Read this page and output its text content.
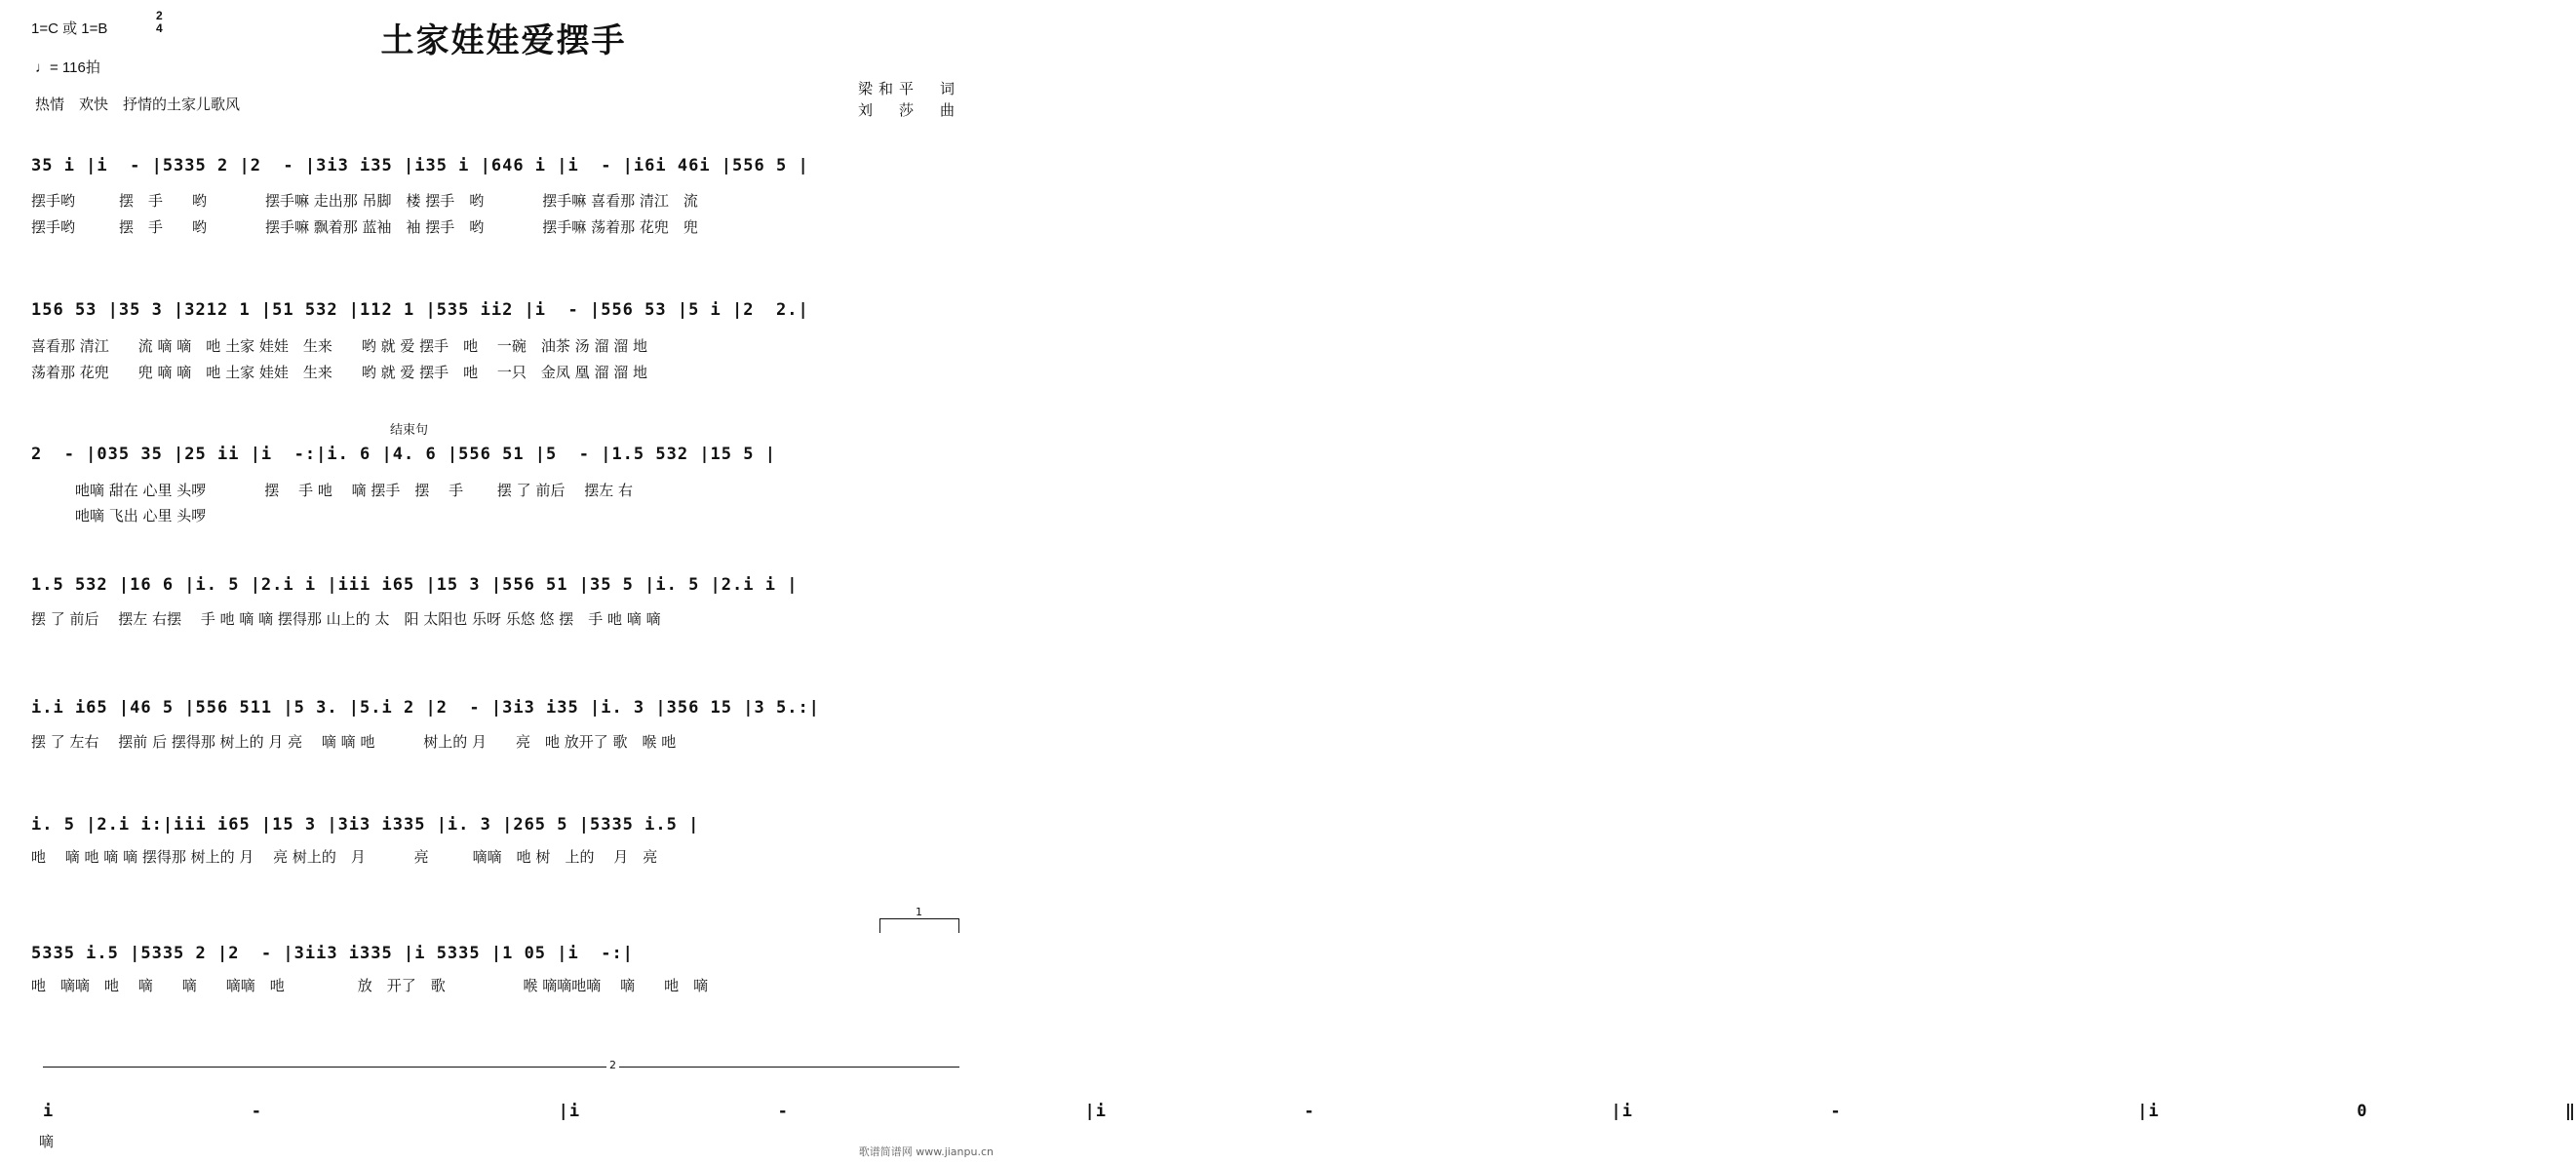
1=C 或 1=B
2
4
♩= 116拍
热情　欢快　抒情的土家儿歌风
土家娃娃爱摆手
梁和平　词
刘　莎　曲
35 i |i  - |5335 2 |2  - |3i3 i35 |i35 i |646 i |i  - |i6i 46i |556 5 |
摆手哟　　　摆　手　　哟　　　　摆手嘛 走出那 吊脚　楼 摆手　哟　　　　摆手嘛 喜看那 清江　流
摆手哟　　　摆　手　　哟　　　　摆手嘛 飘着那 蓝袖　袖 摆手　哟　　　　摆手嘛 荡着那 花兜　兜
156 53 |35 3 |3212 1 |51 532 |112 1 |535 ii2 |i  - |556 53 |5 i |2  2.|
喜看那 清江　　流 嘀 嘀　吔 土家 娃娃　生来　　哟 就 爱 摆手　吔　 一碗　油茶 汤 溜 溜 地
荡着那 花兜　　兜 嘀 嘀　吔 土家 娃娃　生来　　哟 就 爱 摆手　吔　 一只　金凤 凰 溜 溜 地
结束句
2  - |035 35 |25 ii |i  -:|i. 6 |4. 6 |556 51 |5  - |1.5 532 |15 5 |
　　　吔嘀 甜在 心里 头啰　　　　摆　 手 吔　 嘀 摆手　摆　 手　　 摆 了 前后　 摆左 右
　　　吔嘀 飞出 心里 头啰
1.5 532 |16 6 |i. 5 |2.i i |iii i65 |15 3 |556 51 |35 5 |i. 5 |2.i i |
摆 了 前后　 摆左 右摆　 手 吔 嘀 嘀 摆得那 山上的 太　阳 太阳也 乐呀 乐悠 悠 摆　手 吔 嘀 嘀
i.i i65 |46 5 |556 511 |5 3. |5.i 2 |2  - |3i3 i35 |i. 3 |356 15 |3 5.:|
摆 了 左右　 摆前 后 摆得那 树上的 月 亮　 嘀 嘀 吔　　　 树上的 月　　亮　吔 放开了 歌　喉 吔
i. 5 |2.i i:|iii i65 |15 3 |3i3 i335 |i. 3 |265 5 |5335 i.5 |
吔　 嘀 吔 嘀 嘀 摆得那 树上的 月　 亮 树上的　月　　　 亮　　　嘀嘀　吔 树　上的　 月　亮
1
5335 i.5 |5335 2 |2  - |3ii3 i335 |i 5335 |1 05 |i  -:|
吔　嘀嘀　吔　 嘀　　嘀　　嘀嘀　吔　　　　　放　开了　歌　　　　　 喉 嘀嘀吔嘀　 嘀　　吔　嘀
2
i  -   |i  -   |i  -   |i  -   |i  0  ‖
嘀
歌谱简谱网 www.jianpu.cn
